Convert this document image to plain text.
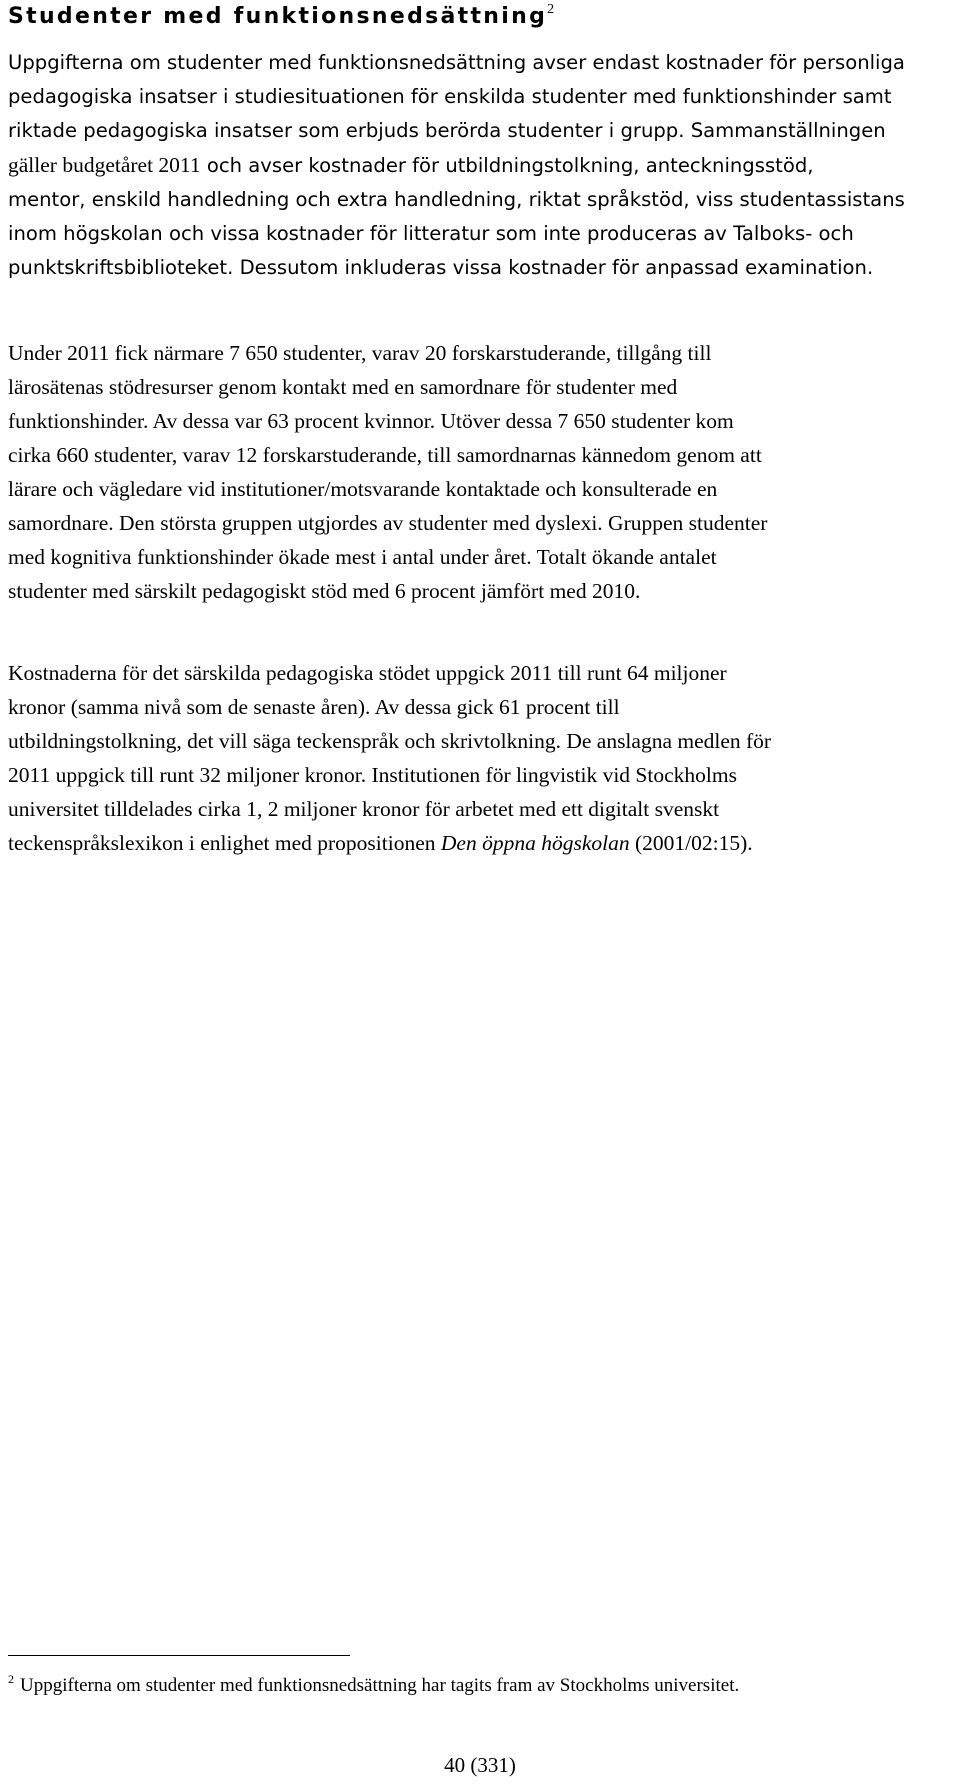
Studenter med funktionsnedsättning$^2$
Uppgifterna om studenter med funktionsnedsättning avser endast kostnader för personliga
pedagogiska insatser i studiesituationen för enskilda studenter med funktionshinder samt
riktade pedagogiska insatser som erbjuds berörda studenter i grupp. Sammanställningen
gäller budgetåret 2011 och avser kostnader för utbildningstolkning, anteckningsstöd,
mentor, enskild handledning och extra handledning, riktat språkstöd, viss studentassistans
inom högskolan och vissa kostnader för litteratur som inte produceras av Talboks- och
punktskriftsbiblioteket. Dessutom inkluderas vissa kostnader för anpassad examination.
Under 2011 fick närmare 7 650 studenter, varav 20 forskarstuderande, tillgång till
lärosätenas stödresurser genom kontakt med en samordnare för studenter med
funktionshinder. Av dessa var 63 procent kvinnor. Utöver dessa 7 650 studenter kom
cirka 660 studenter, varav 12 forskarstuderande, till samordnarnas kännedom genom att
lärare och vägledare vid institutioner/motsvarande kontaktade och konsulterade en
samordnare. Den största gruppen utgjordes av studenter med dyslexi. Gruppen studenter
med kognitiva funktionshinder ökade mest i antal under året. Totalt ökande antalet
studenter med särskilt pedagogiskt stöd med 6 procent jämfört med 2010.
Kostnaderna för det särskilda pedagogiska stödet uppgick 2011 till runt 64 miljoner
kronor (samma nivå som de senaste åren). Av dessa gick 61 procent till
utbildningstolkning, det vill säga teckenspråk och skrivtolkning. De anslagna medlen för
2011 uppgick till runt 32 miljoner kronor. Institutionen för lingvistik vid Stockholms
universitet tilldelades cirka 1, 2 miljoner kronor för arbetet med ett digitalt svenskt
teckenspråkslexikon i enlighet med propositionen Den öppna högskolan (2001/02:15).
$^2$ Uppgifterna om studenter med funktionsnedsättning har tagits fram av Stockholms universitet.
40 (331)
